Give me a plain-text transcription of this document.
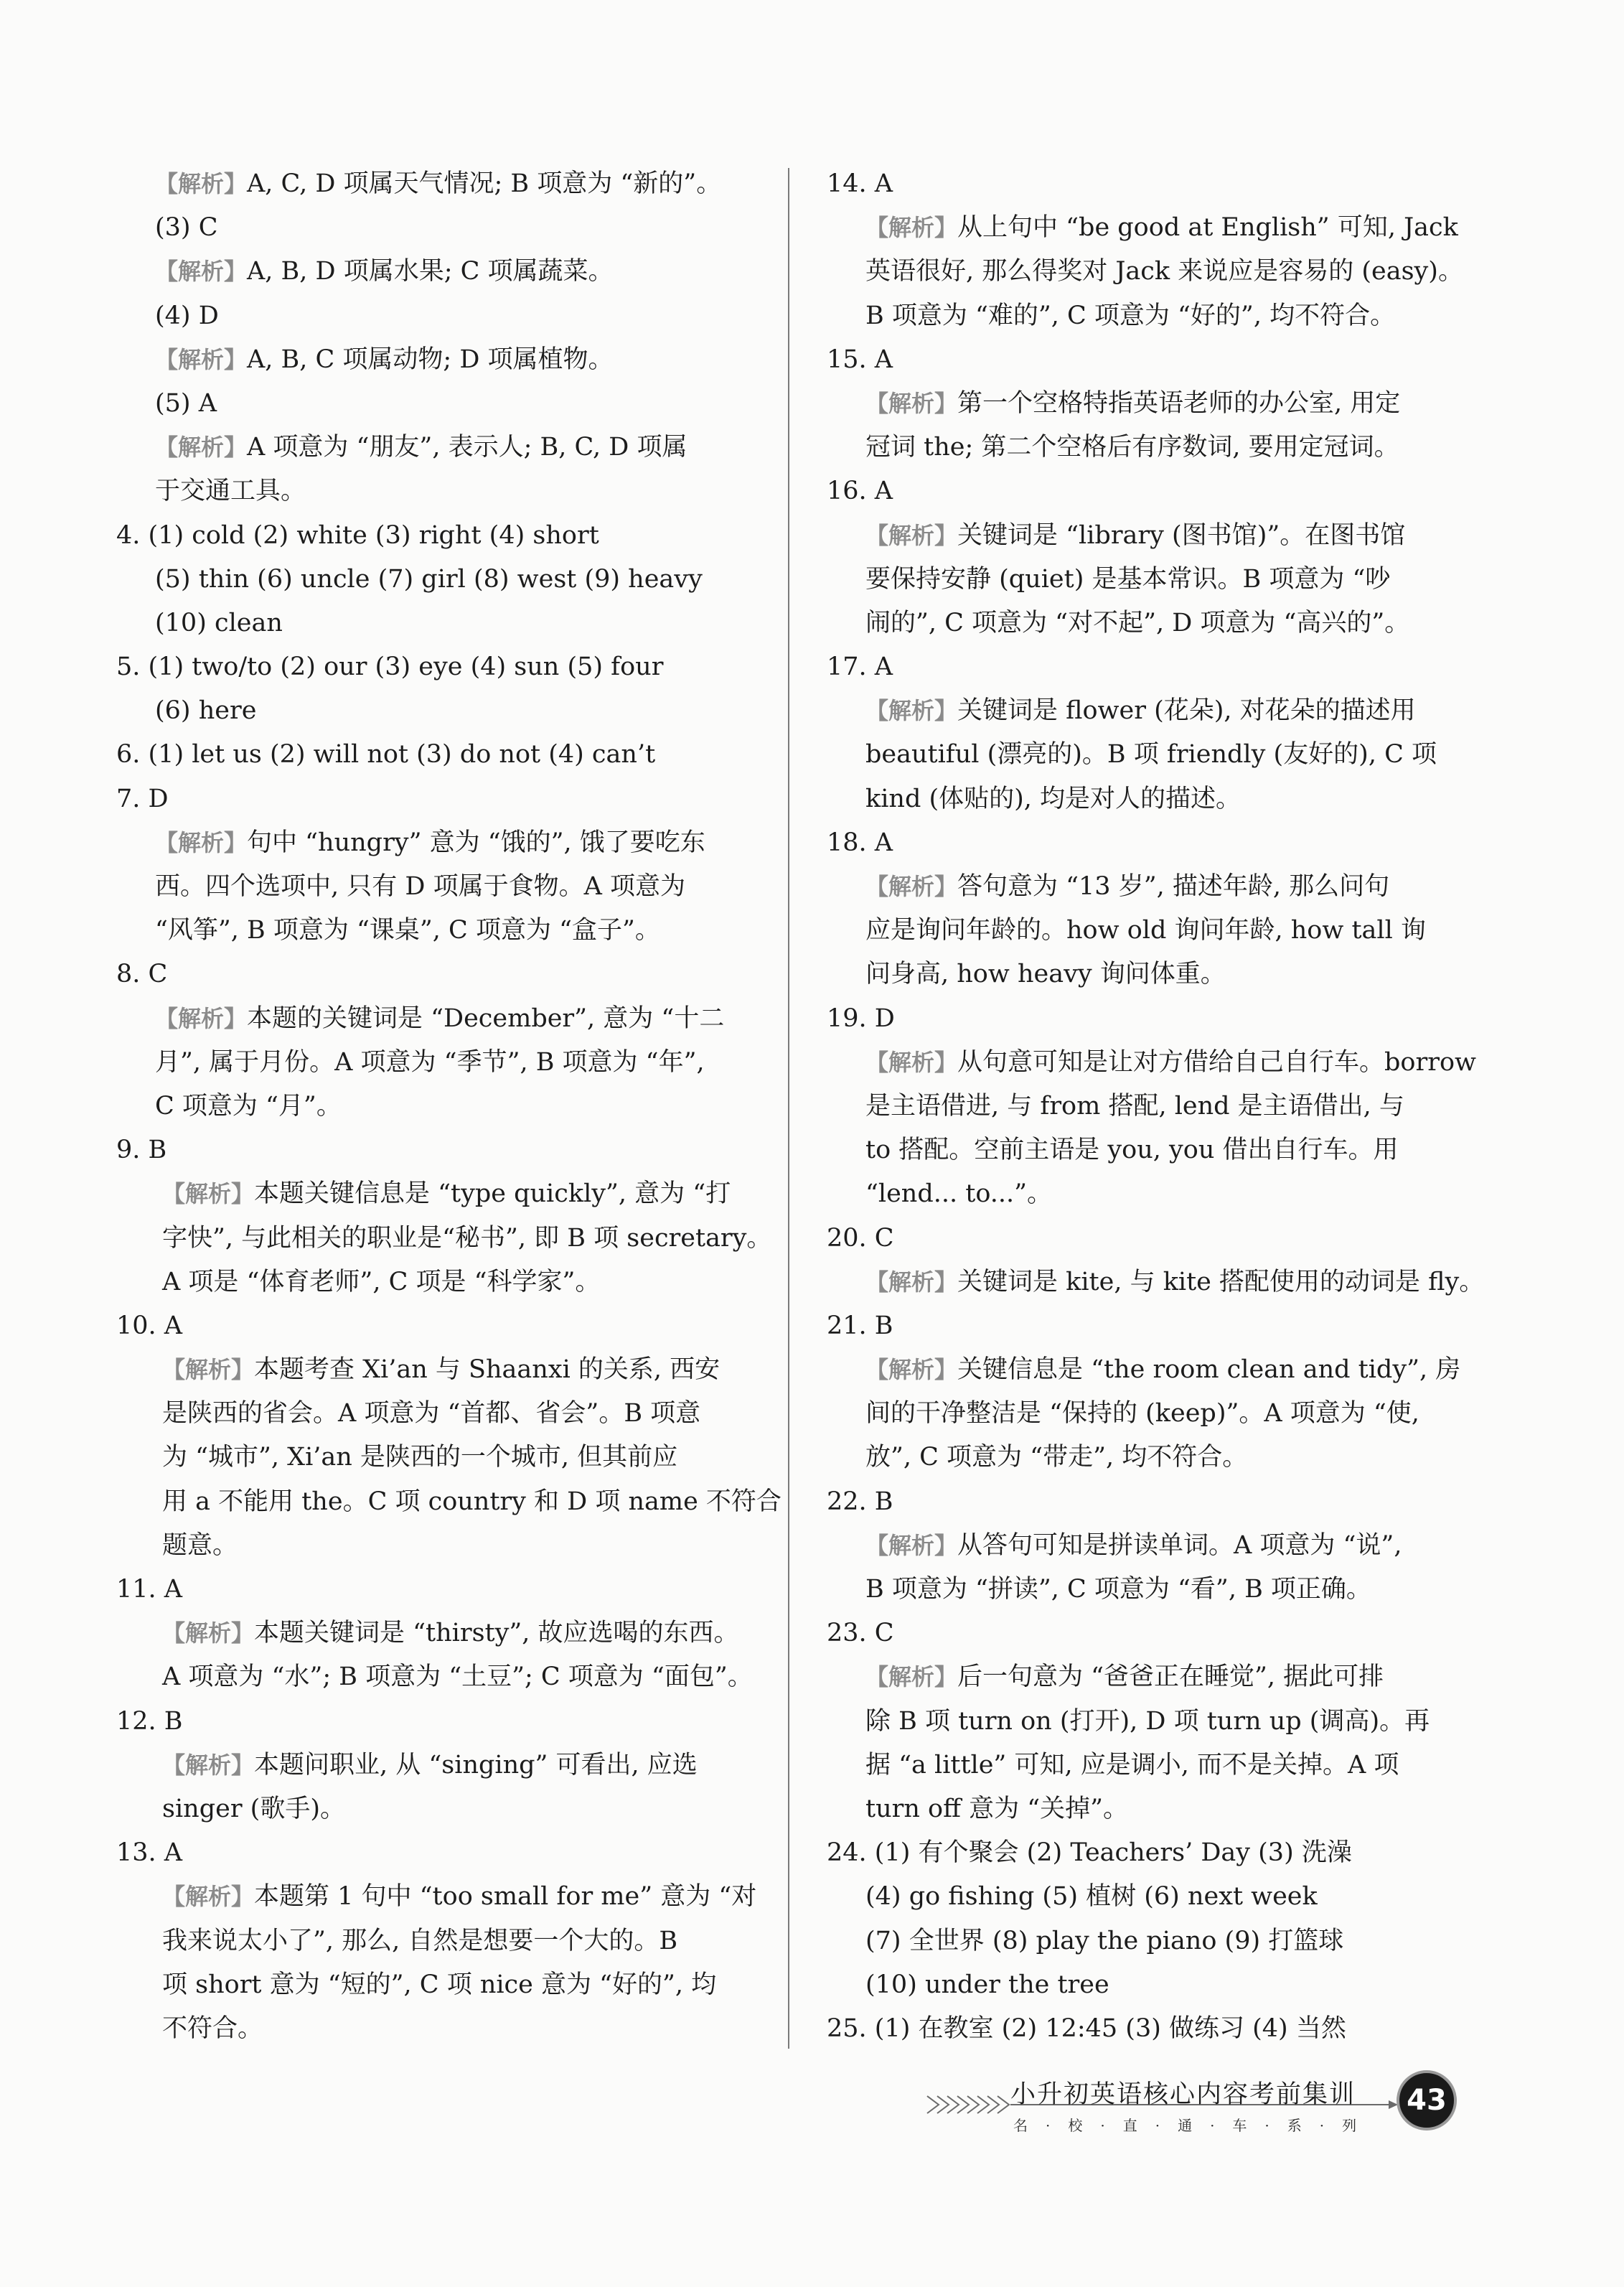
【解析】A, C, D 项属天气情况; B 项意为 “新的”。
(3) C
【解析】A, B, D 项属水果; C 项属蔬菜。
(4) D
【解析】A, B, C 项属动物; D 项属植物。
(5) A
【解析】A 项意为 “朋友”, 表示人; B, C, D 项属
于交通工具。
4. (1) cold (2) white (3) right (4) short
(5) thin (6) uncle (7) girl (8) west (9) heavy
(10) clean
5. (1) two/to (2) our (3) eye (4) sun (5) four
(6) here
6. (1) let us (2) will not (3) do not (4) can’t
7. D
【解析】句中 “hungry” 意为 “饿的”, 饿了要吃东
西。四个选项中, 只有 D 项属于食物。A 项意为
“风筝”, B 项意为 “课桌”, C 项意为 “盒子”。
8. C
【解析】本题的关键词是 “December”, 意为 “十二
月”, 属于月份。A 项意为 “季节”, B 项意为 “年”,
C 项意为 “月”。
9. B
【解析】本题关键信息是 “type quickly”, 意为 “打
字快”, 与此相关的职业是“秘书”, 即 B 项 secretary。
A 项是 “体育老师”, C 项是 “科学家”。
10. A
【解析】本题考查 Xi’an 与 Shaanxi 的关系, 西安
是陕西的省会。A 项意为 “首都、省会”。B 项意
为 “城市”, Xi’an 是陕西的一个城市, 但其前应
用 a 不能用 the。C 项 country 和 D 项 name 不符合
题意。
11. A
【解析】本题关键词是 “thirsty”, 故应选喝的东西。
A 项意为 “水”; B 项意为 “土豆”; C 项意为 “面包”。
12. B
【解析】本题问职业, 从 “singing” 可看出, 应选
singer (歌手)。
13. A
【解析】本题第 1 句中 “too small for me” 意为 “对
我来说太小了”, 那么, 自然是想要一个大的。B
项 short 意为 “短的”, C 项 nice 意为 “好的”, 均
不符合。
14. A
【解析】从上句中 “be good at English” 可知, Jack
英语很好, 那么得奖对 Jack 来说应是容易的 (easy)。
B 项意为 “难的”, C 项意为 “好的”, 均不符合。
15. A
【解析】第一个空格特指英语老师的办公室, 用定
冠词 the; 第二个空格后有序数词, 要用定冠词。
16. A
【解析】关键词是 “library (图书馆)”。在图书馆
要保持安静 (quiet) 是基本常识。B 项意为 “吵
闹的”, C 项意为 “对不起”, D 项意为 “高兴的”。
17. A
【解析】关键词是 flower (花朵), 对花朵的描述用
beautiful (漂亮的)。B 项 friendly (友好的), C 项
kind (体贴的), 均是对人的描述。
18. A
【解析】答句意为 “13 岁”, 描述年龄, 那么问句
应是询问年龄的。how old 询问年龄, how tall 询
问身高, how heavy 询问体重。
19. D
【解析】从句意可知是让对方借给自己自行车。borrow
是主语借进, 与 from 搭配, lend 是主语借出, 与
to 搭配。空前主语是 you, you 借出自行车。用
“lend... to...”。
20. C
【解析】关键词是 kite, 与 kite 搭配使用的动词是 fly。
21. B
【解析】关键信息是 “the room clean and tidy”, 房
间的干净整洁是 “保持的 (keep)”。A 项意为 “使,
放”, C 项意为 “带走”, 均不符合。
22. B
【解析】从答句可知是拼读单词。A 项意为 “说”,
B 项意为 “拼读”, C 项意为 “看”, B 项正确。
23. C
【解析】后一句意为 “爸爸正在睡觉”, 据此可排
除 B 项 turn on (打开), D 项 turn up (调高)。再
据 “a little” 可知, 应是调小, 而不是关掉。A 项
turn off 意为 “关掉”。
24. (1) 有个聚会 (2) Teachers’ Day (3) 洗澡
(4) go fishing (5) 植树 (6) next week
(7) 全世界 (8) play the piano (9) 打篮球
(10) under the tree
25. (1) 在教室 (2) 12:45 (3) 做练习 (4) 当然
小升初英语核心内容考前集训
名·校·直·通·车·系·列
43
